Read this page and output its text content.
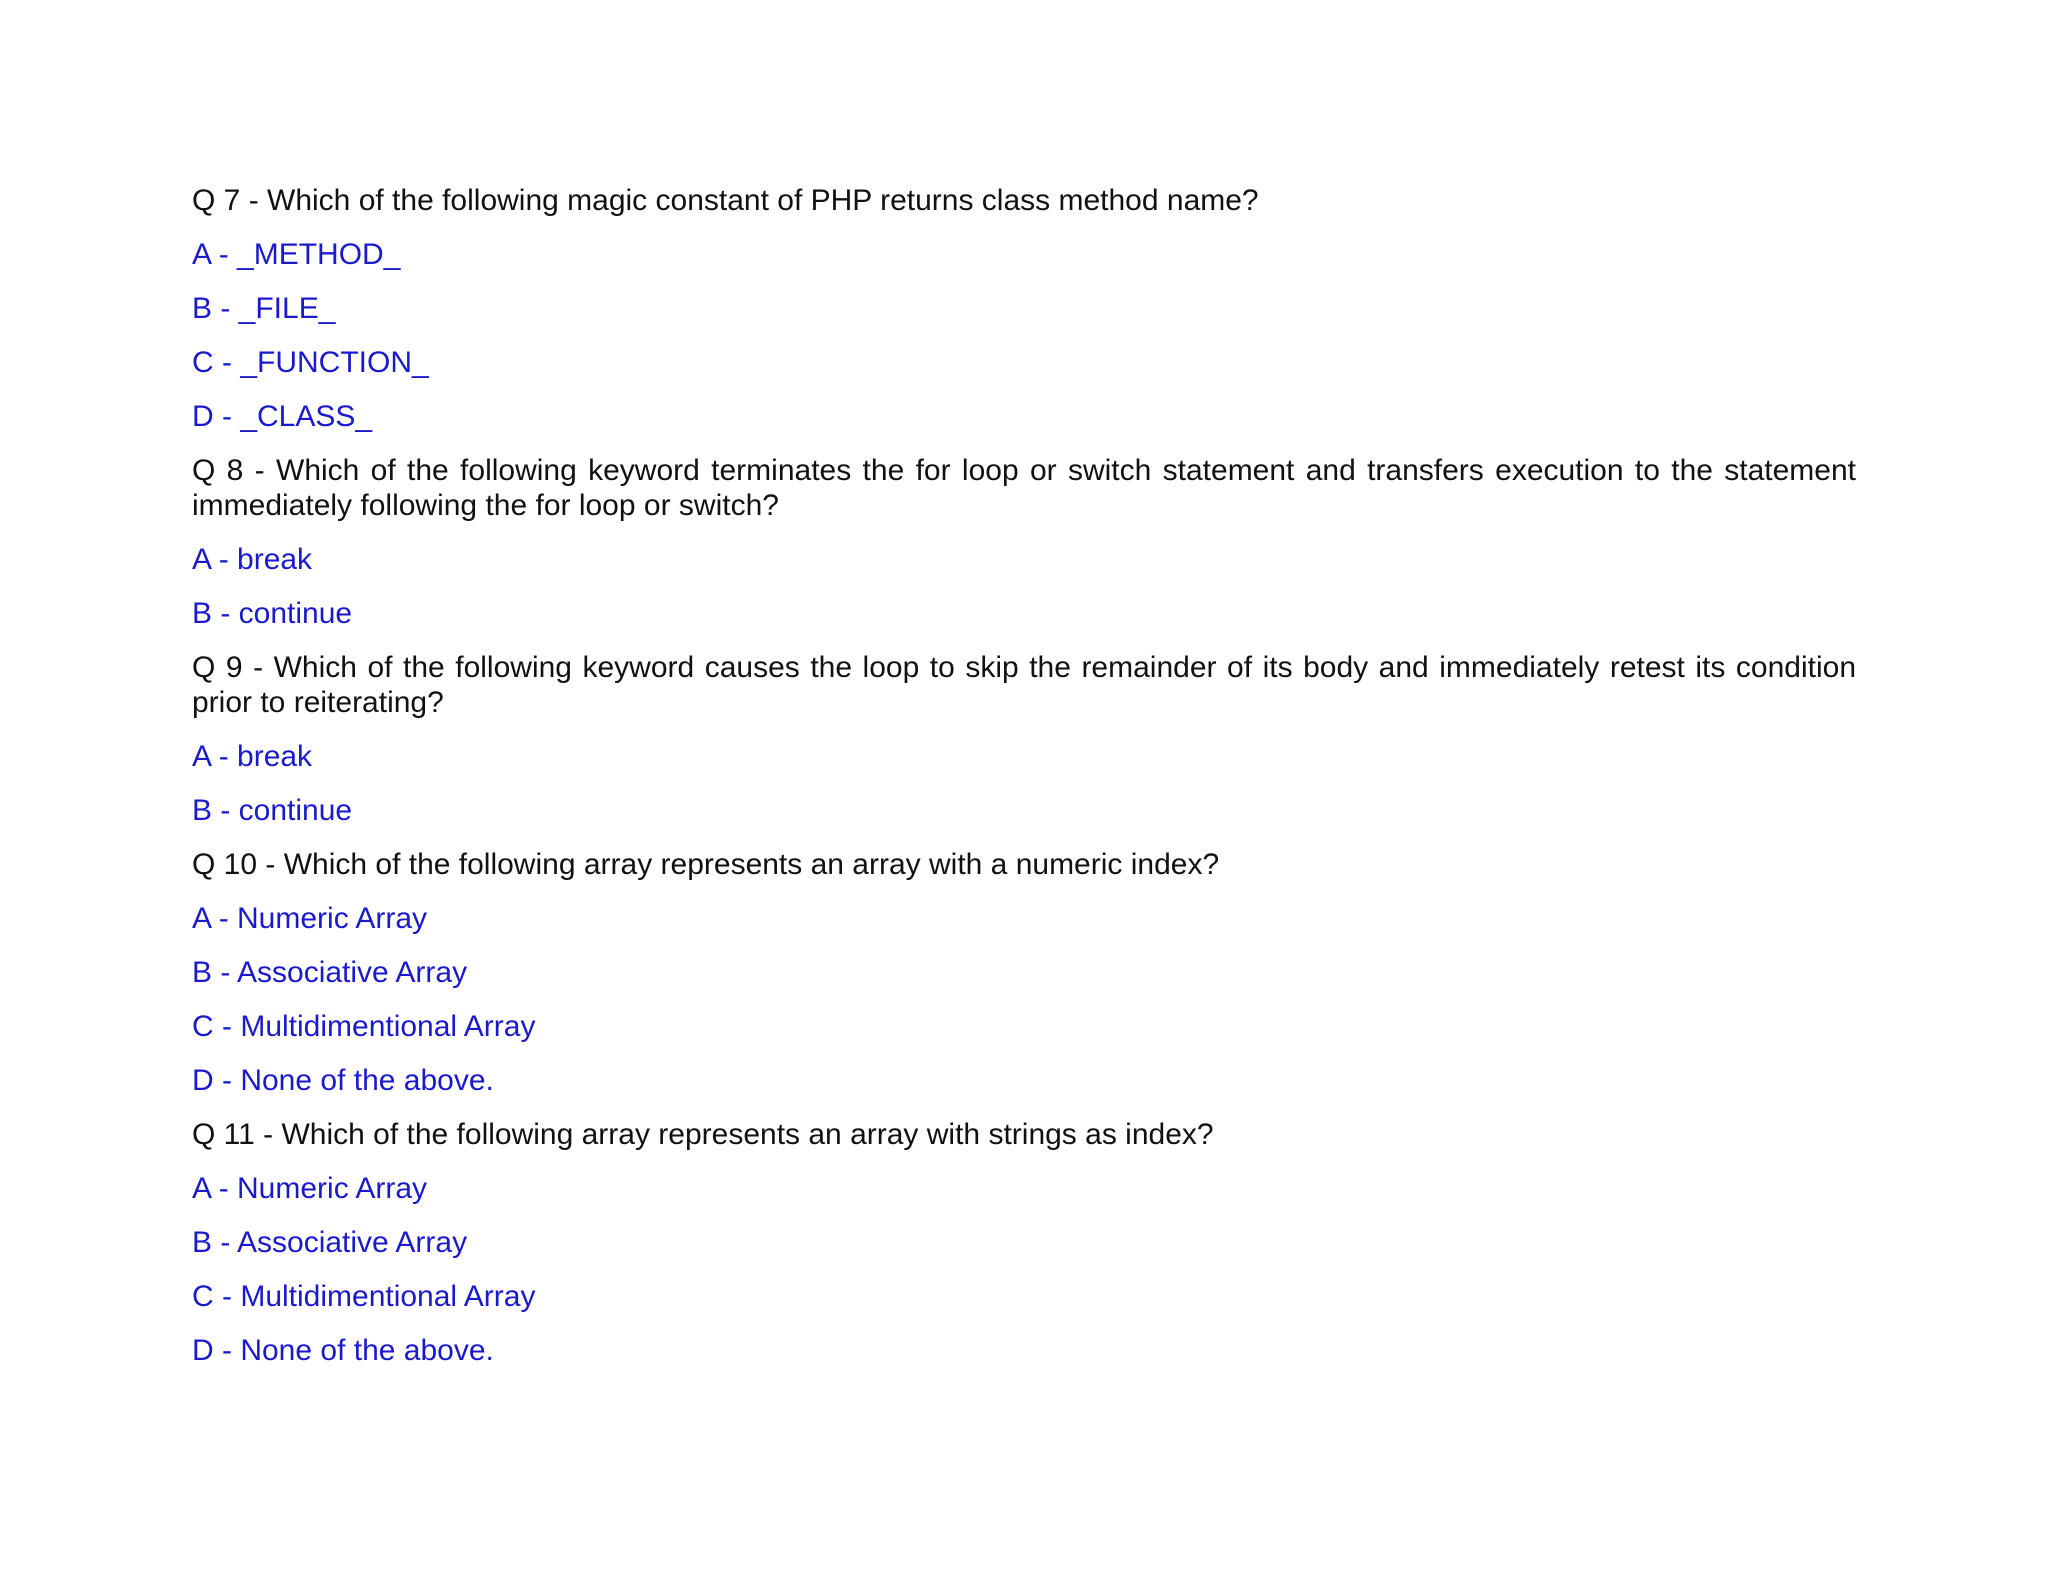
Q 7 - Which of the following magic constant of PHP returns class method name?

A - _METHOD_

B - _FILE_

C - _FUNCTION_

D - _CLASS_

Q 8 - Which of the following keyword terminates the for loop or switch statement and transfers execution to the statement immediately following the for loop or switch?

A - break

B - continue

Q 9 - Which of the following keyword causes the loop to skip the remainder of its body and immediately retest its condition prior to reiterating?

A - break

B - continue

Q 10 - Which of the following array represents an array with a numeric index?

A - Numeric Array

B - Associative Array

C - Multidimentional Array

D - None of the above.

Q 11 - Which of the following array represents an array with strings as index?

A - Numeric Array

B - Associative Array

C - Multidimentional Array

D - None of the above.
